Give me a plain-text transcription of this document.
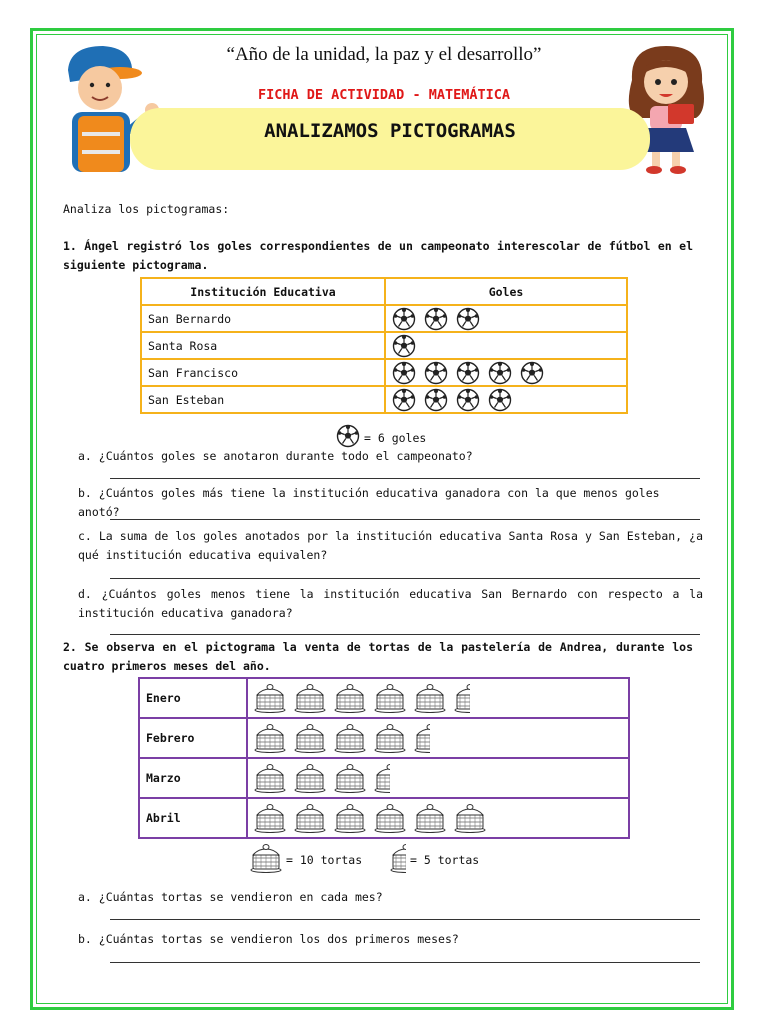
“Año de la unidad, la paz y el desarrollo”
FICHA DE ACTIVIDAD - MATEMÁTICA
ANALIZAMOS PICTOGRAMAS
Analiza los pictogramas:
1. Ángel registró los goles correspondientes de un campeonato interescolar de fútbol en el siguiente pictograma.
Institución Educativa	Goles
San Bernardo	

Santa Rosa	

San Francisco	

San Esteban	
= 6 goles
a. ¿Cuántos goles se anotaron durante todo el campeonato?
b. ¿Cuántos goles más tiene la institución educativa ganadora con la que menos goles anotó?
c. La suma de los goles anotados por la institución educativa Santa Rosa y San Esteban, ¿a qué institución educativa equivalen?
d. ¿Cuántos goles menos tiene la institución educativa San Bernardo con respecto a la institución educativa ganadora?
2. Se observa en el pictograma la venta de tortas de la pastelería de Andrea, durante los cuatro primeros meses del año.
Enero	

Febrero	

Marzo	

Abril	
= 10 tortas	= 5 tortas
a. ¿Cuántas tortas se vendieron en cada mes?
b. ¿Cuántas tortas se vendieron los dos primeros meses?
